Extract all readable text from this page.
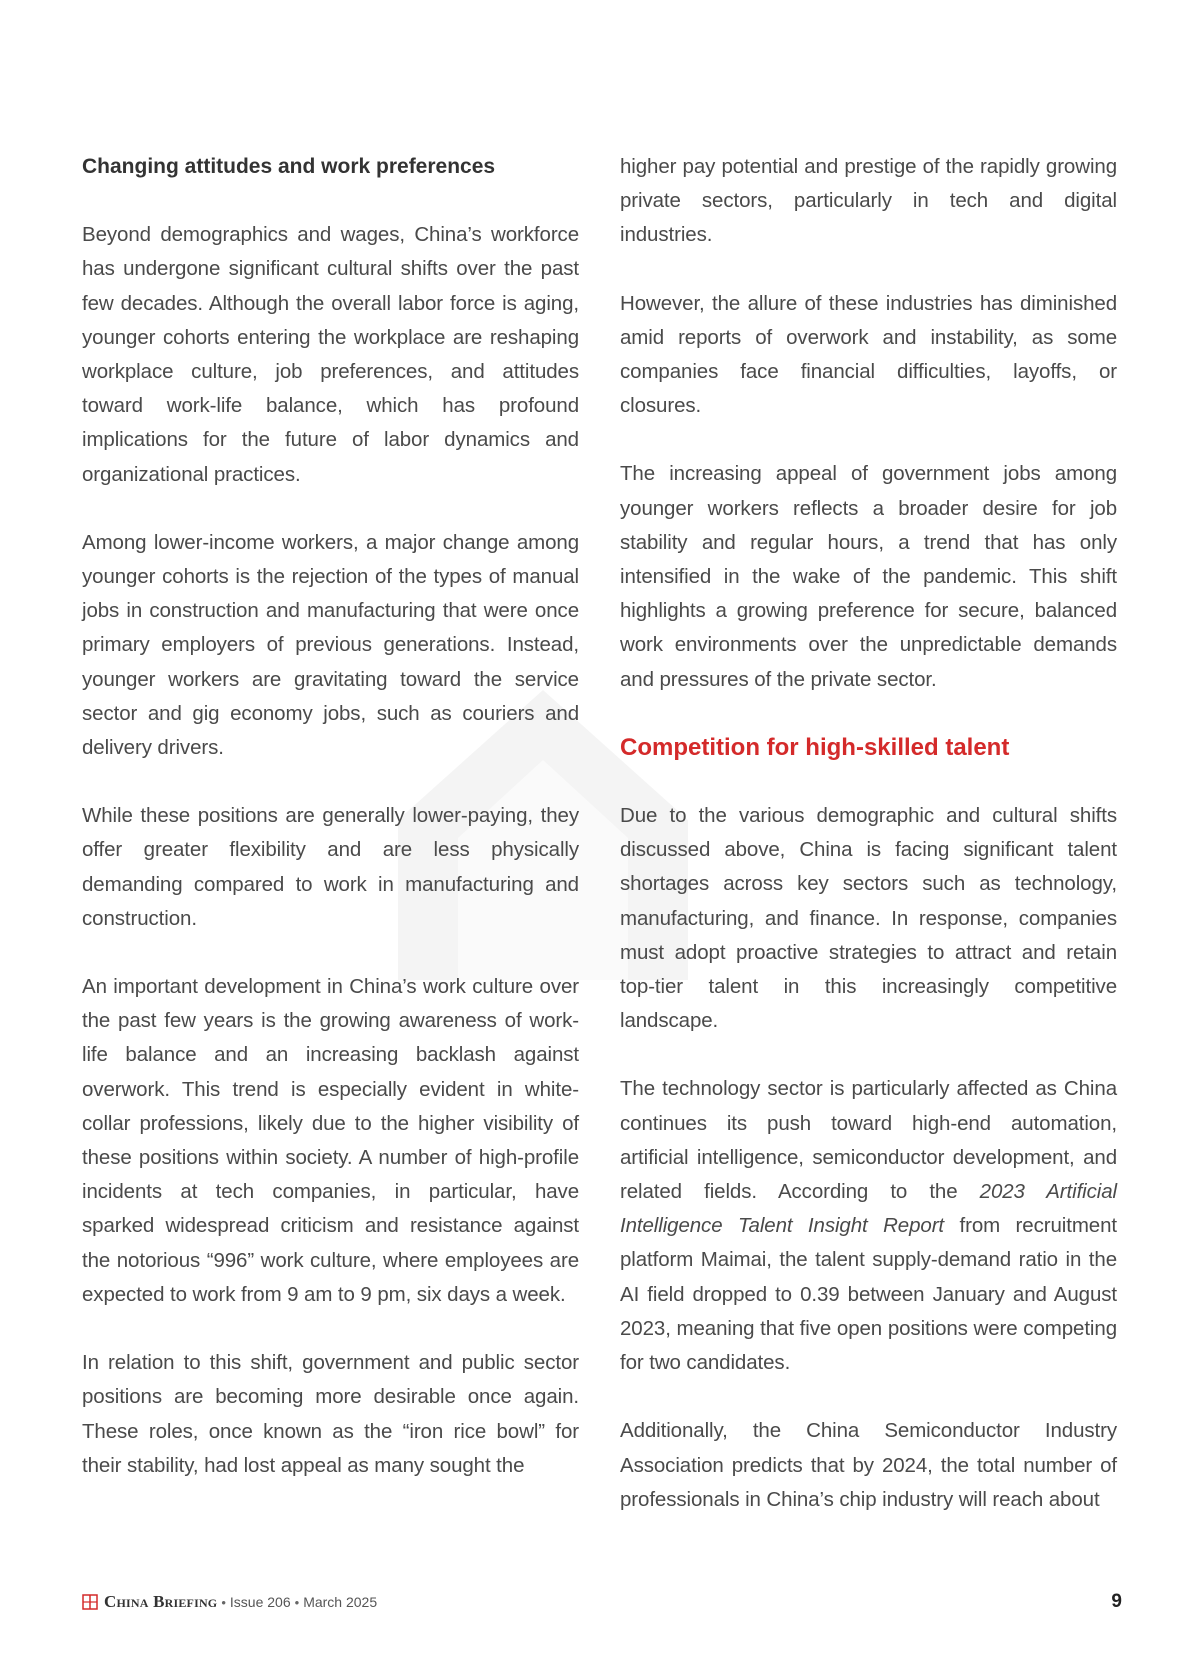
Changing attitudes and work preferences

Beyond demographics and wages, China’s workforce has undergone significant cultural shifts over the past few decades. Although the overall labor force is aging, younger cohorts entering the workplace are reshaping workplace culture, job preferences, and attitudes toward work-life balance, which has profound implications for the future of labor dynamics and organizational practices.

Among lower-income workers, a major change among younger cohorts is the rejection of the types of manual jobs in construction and manufacturing that were once primary employers of previous generations. Instead, younger workers are gravitating toward the service sector and gig economy jobs, such as couriers and delivery drivers.

While these positions are generally lower-paying, they offer greater flexibility and are less physically demanding compared to work in manufacturing and construction.

An important development in China’s work culture over the past few years is the growing awareness of work-life balance and an increasing backlash against overwork. This trend is especially evident in white-collar professions, likely due to the higher visibility of these positions within society. A number of high-profile incidents at tech companies, in particular, have sparked widespread criticism and resistance against the notorious “996” work culture, where employees are expected to work from 9 am to 9 pm, six days a week.

In relation to this shift, government and public sector positions are becoming more desirable once again. These roles, once known as the “iron rice bowl” for their stability, had lost appeal as many sought the

higher pay potential and prestige of the rapidly growing private sectors, particularly in tech and digital industries.

However, the allure of these industries has diminished amid reports of overwork and instability, as some companies face financial difficulties, layoffs, or closures.

The increasing appeal of government jobs among younger workers reflects a broader desire for job stability and regular hours, a trend that has only intensified in the wake of the pandemic. This shift highlights a growing preference for secure, balanced work environments over the unpredictable demands and pressures of the private sector.

Competition for high-skilled talent

Due to the various demographic and cultural shifts discussed above, China is facing significant talent shortages across key sectors such as technology, manufacturing, and finance. In response, companies must adopt proactive strategies to attract and retain top-tier talent in this increasingly competitive landscape.

The technology sector is particularly affected as China continues its push toward high-end automation, artificial intelligence, semiconductor development, and related fields. According to the 2023 Artificial Intelligence Talent Insight Report from recruitment platform Maimai, the talent supply-demand ratio in the AI field dropped to 0.39 between January and August 2023, meaning that five open positions were competing for two candidates.

Additionally, the China Semiconductor Industry Association predicts that by 2024, the total number of professionals in China’s chip industry will reach about

China Briefing • Issue 206 • March 2025	9
